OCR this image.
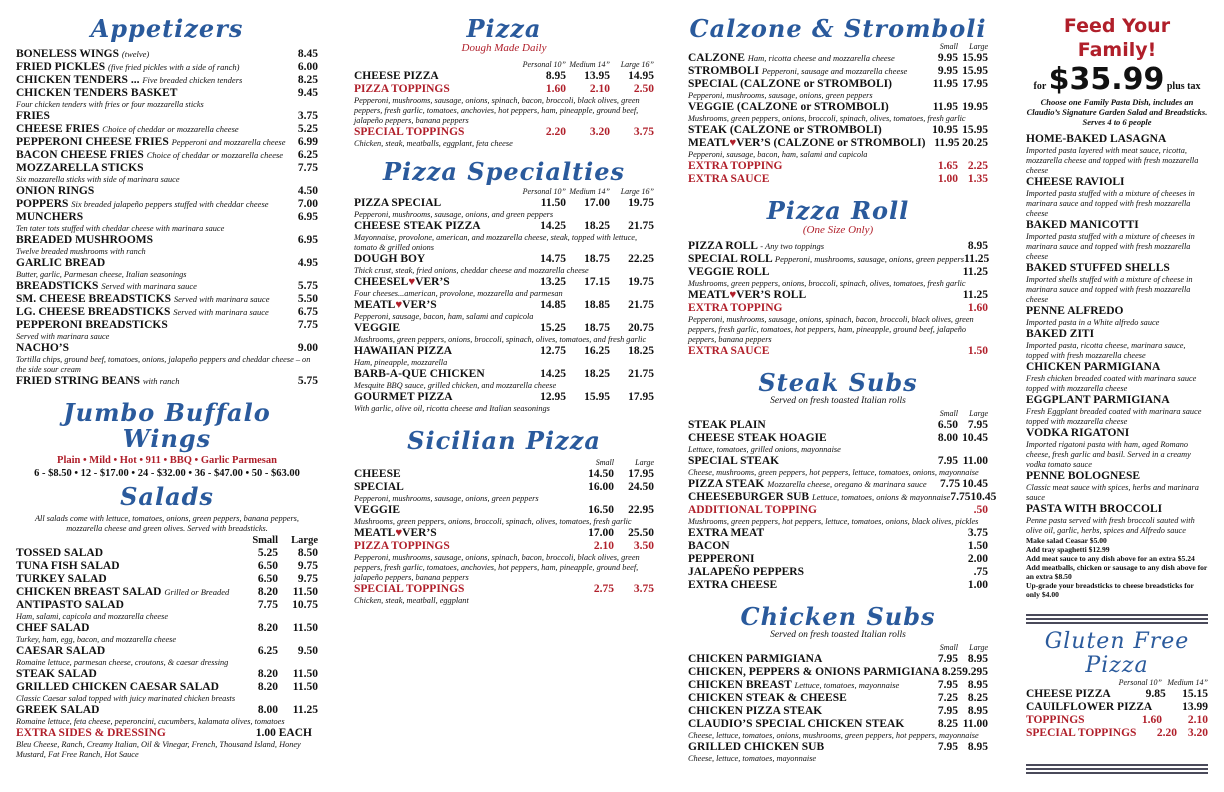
Appetizers
BONELESS WINGS (twelve)	8.45
FRIED PICKLES (five fried pickles with a side of ranch)	6.00
CHICKEN TENDERS ... Five breaded chicken tenders	8.25
CHICKEN TENDERS BASKET	9.45
Four chicken tenders with fries or four mozzarella sticks
FRIES	3.75
CHEESE FRIES Choice of cheddar or mozzarella cheese	5.25
PEPPERONI CHEESE FRIES Pepperoni and mozzarella cheese	6.99
BACON CHEESE FRIES Choice of cheddar or mozzarella cheese	6.25
MOZZARELLA STICKS	7.75
Six mozzarella sticks with side of marinara sauce
ONION RINGS	4.50
POPPERS Six breaded jalapeño peppers stuffed with cheddar cheese	7.00
MUNCHERS	6.95
Ten tater tots stuffed with cheddar cheese with marinara sauce
BREADED MUSHROOMS	6.95
Twelve breaded mushrooms with ranch
GARLIC BREAD	4.95
Butter, garlic, Parmesan cheese, Italian seasonings
BREADSTICKS Served with marinara sauce	5.75
SM. CHEESE BREADSTICKS Served with marinara sauce	5.50
LG. CHEESE BREADSTICKS Served with marinara sauce	6.75
PEPPERONI BREADSTICKS	7.75
Served with marinara sauce
NACHO’S	9.00
Tortilla chips, ground beef, tomatoes, onions, jalapeño peppers and cheddar cheese – on the side sour cream
FRIED STRING BEANS with ranch	5.75
Jumbo Buffalo Wings
Plain • Mild • Hot • 911 • BBQ • Garlic Parmesan
6 - $8.50 • 12 - $17.00 • 24 - $32.00 • 36 - $47.00 • 50 - $63.00
Salads
All salads come with lettuce, tomatoes, onions, green peppers, banana peppers, mozzarella cheese and green olives. Served with breadsticks.
Small	Large
TOSSED SALAD	5.25	8.50
TUNA FISH SALAD	6.50	9.75
TURKEY SALAD	6.50	9.75
CHICKEN BREAST SALAD Grilled or Breaded	8.20	11.50
ANTIPASTO SALAD	7.75	10.75
Ham, salami, capicola and mozzarella cheese
CHEF SALAD	8.20	11.50
Turkey, ham, egg, bacon, and mozzarella cheese
CAESAR SALAD	6.25	9.50
Romaine lettuce, parmesan cheese, croutons, & caesar dressing
STEAK SALAD	8.20	11.50
GRILLED CHICKEN CAESAR SALAD	8.20	11.50
Classic Caesar salad topped with juicy marinated chicken breasts
GREEK SALAD	8.00	11.25
Romaine lettuce, feta cheese, peperoncini, cucumbers, kalamata olives, tomatoes
EXTRA SIDES & DRESSING	1.00 EACH
Bleu Cheese, Ranch, Creamy Italian, Oil & Vinegar, French, Thousand Island, Honey Mustard, Fat Free Ranch, Hot Sauce
Pizza
Dough Made Daily
Personal 10” Medium 14”	Large 16”
CHEESE PIZZA	8.95	13.95	14.95
PIZZA TOPPINGS	1.60	2.10	2.50
Pepperoni, mushrooms, sausage, onions, spinach, bacon, broccoli, black olives, green peppers, fresh garlic, tomatoes, anchovies, hot peppers, ham, pineapple, ground beef, jalapeño peppers, banana peppers
SPECIAL TOPPINGS	2.20	3.20	3.75
Chicken, steak, meatballs, eggplant, feta cheese
Pizza Specialties
Personal 10” Medium 14”	Large 16”
PIZZA SPECIAL	11.50	17.00	19.75
Pepperoni, mushrooms, sausage, onions, and green peppers
CHEESE STEAK PIZZA	14.25	18.25	21.75
Mayonnaise, provolone, american, and mozzarella cheese, steak, topped with lettuce, tomato & grilled onions
DOUGH BOY	14.75	18.75	22.25
Thick crust, steak, fried onions, cheddar cheese and mozzarella cheese
CHEESEL♥VER’S	13.25	17.15	19.75
Four cheeses...american, provolone, mozzarella and parmesan
MEATL♥VER’S	14.85	18.85	21.75
Pepperoni, sausage, bacon, ham, salami and capicola
VEGGIE	15.25	18.75	20.75
Mushrooms, green peppers, onions, broccoli, spinach, olives, tomatoes, and fresh garlic
HAWAIIAN PIZZA	12.75	16.25	18.25
Ham, pineapple, mozzarella
BARB-A-QUE CHICKEN	14.25	18.25	21.75
Mesquite BBQ sauce, grilled chicken, and mozzarella cheese
GOURMET PIZZA	12.95	15.95	17.95
With garlic, olive oil, ricotta cheese and Italian seasonings
Sicilian Pizza
Small	Large
CHEESE	14.50	17.95
SPECIAL	16.00	24.50
Pepperoni, mushrooms, sausage, onions, green peppers
VEGGIE	16.50	22.95
Mushrooms, green peppers, onions, broccoli, spinach, olives, tomatoes, fresh garlic
MEATL♥VER’S	17.00	25.50
PIZZA TOPPINGS	2.10	3.50
Pepperoni, mushrooms, sausage, onions, spinach, bacon, broccoli, black olives, green peppers, fresh garlic, tomatoes, anchovies, hot peppers, ham, pineapple, ground beef, jalapeño peppers, banana peppers
SPECIAL TOPPINGS	2.75	3.75
Chicken, steak, meatball, eggplant
Calzone & Stromboli
Small	Large
CALZONE Ham, ricotta cheese and mozzarella cheese	9.95 15.95
STROMBOLI Pepperoni, sausage and mozzarella cheese	9.95 15.95
SPECIAL (CALZONE or STROMBOLI)	11.95 17.95
Pepperoni, mushrooms, sausage, onions, green peppers
VEGGIE (CALZONE or STROMBOLI)	11.95 19.95
Mushrooms, green peppers, onions, broccoli, spinach, olives, tomatoes, fresh garlic
STEAK (CALZONE or STROMBOLI)	10.95 15.95
MEATL♥VER’S (CALZONE or STROMBOLI) 11.95 20.25
Pepperoni, sausage, bacon, ham, salami and capicola
EXTRA TOPPING	1.65 2.25
EXTRA SAUCE	1.00 1.35
Pizza Roll
(One Size Only)
PIZZA ROLL - Any two toppings	8.95
SPECIAL ROLL Pepperoni, mushrooms, sausage, onions, green peppers 11.25
VEGGIE ROLL	11.25
Mushrooms, green peppers, onions, broccoli, spinach, olives, tomatoes, fresh garlic
MEATL♥VER’S ROLL	11.25
EXTRA TOPPING	1.60
Pepperoni, mushrooms, sausage, onions, spinach, bacon, broccoli, black olives, green peppers, fresh garlic, tomatoes, hot peppers, ham, pineapple, ground beef, jalapeño peppers, banana peppers
EXTRA SAUCE	1.50
Steak Subs
Served on fresh toasted Italian rolls
Small	Large
STEAK PLAIN	6.50 7.95
CHEESE STEAK HOAGIE	8.00 10.45
Lettuce, tomatoes, grilled onions, mayonnaise
SPECIAL STEAK	7.95 11.00
Cheese, mushrooms, green peppers, hot peppers, lettuce, tomatoes, onions, mayonnaise
PIZZA STEAK Mozzarella cheese, oregano & marinara sauce	7.75 10.45
CHEESEBURGER SUB Lettuce, tomatoes, onions & mayonnaise 7.75 10.45
ADDITIONAL TOPPING	.50
Mushrooms, green peppers, hot peppers, lettuce, tomatoes, onions, black olives, pickles
EXTRA MEAT	3.75
BACON	1.50
PEPPERONI	2.00
JALAPEÑO PEPPERS	.75
EXTRA CHEESE	1.00
Chicken Subs
Served on fresh toasted Italian rolls
Small	Large
CHICKEN PARMIGIANA	7.95 8.95
CHICKEN, PEPPERS & ONIONS PARMIGIANA 8.25 9.295
CHICKEN BREAST Lettuce, tomatoes, mayonnaise	7.95 8.95
CHICKEN STEAK & CHEESE	7.25 8.25
CHICKEN PIZZA STEAK	7.95 8.95
CLAUDIO’S SPECIAL CHICKEN STEAK	8.25 11.00
Cheese, lettuce, tomatoes, onions, mushrooms, green peppers, hot peppers, mayonnaise
GRILLED CHICKEN SUB	7.95 8.95
Cheese, lettuce, tomatoes, mayonnaise
Feed Your Family!
for $35.99 plus tax
Choose one Family Pasta Dish, includes an Claudio’s Signature Garden Salad and Breadsticks. Serves 4 to 6 people
HOME-BAKED LASAGNA
Imported pasta layered with meat sauce, ricotta, mozzarella cheese and topped with fresh mozzarella cheese
CHEESE RAVIOLI
Imported pasta stuffed with a mixture of cheeses in marinara sauce and topped with fresh mozzarella cheese
BAKED MANICOTTI
Imported pasta stuffed with a mixture of cheeses in marinara sauce and topped with fresh mozzarella cheese
BAKED STUFFED SHELLS
Imported shells stuffed with a mixture of cheese in marinara sauce and topped with fresh mozzarella cheese
PENNE ALFREDO
Imported pasta in a White alfredo sauce
BAKED ZITI
Imported pasta, ricotta cheese, marinara sauce, topped with fresh mozzarella cheese
CHICKEN PARMIGIANA
Fresh chicken breaded coated with marinara sauce topped with mozzarella cheese
EGGPLANT PARMIGIANA
Fresh Eggplant breaded coated with marinara sauce topped with mozzarella cheese
VODKA RIGATONI
Imported rigatoni pasta with ham, aged Romano cheese, fresh garlic and basil. Served in a creamy vodka tomato sauce
PENNE BOLOGNESE
Classic meat sauce with spices, herbs and marinara sauce
PASTA WITH BROCCOLI
Penne pasta served with fresh broccoli sauted with olive oil, garlic, herbs, spices and Alfredo sauce
Make salad Ceasar $5.00
Add tray spaghetti $12.99
Add meat sauce to any dish above for an extra $5.24
Add meatballs, chicken or sausage to any dish above for an extra $8.50
Up-grade your breadsticks to cheese breadsticks for only $4.00
Gluten Free
Pizza
Personal 10” Medium 14”
CHEESE PIZZA	9.85	15.15
CAUILFLOWER PIZZA	13.99
TOPPINGS	1.60	2.10
SPECIAL TOPPINGS	2.20 3.20
